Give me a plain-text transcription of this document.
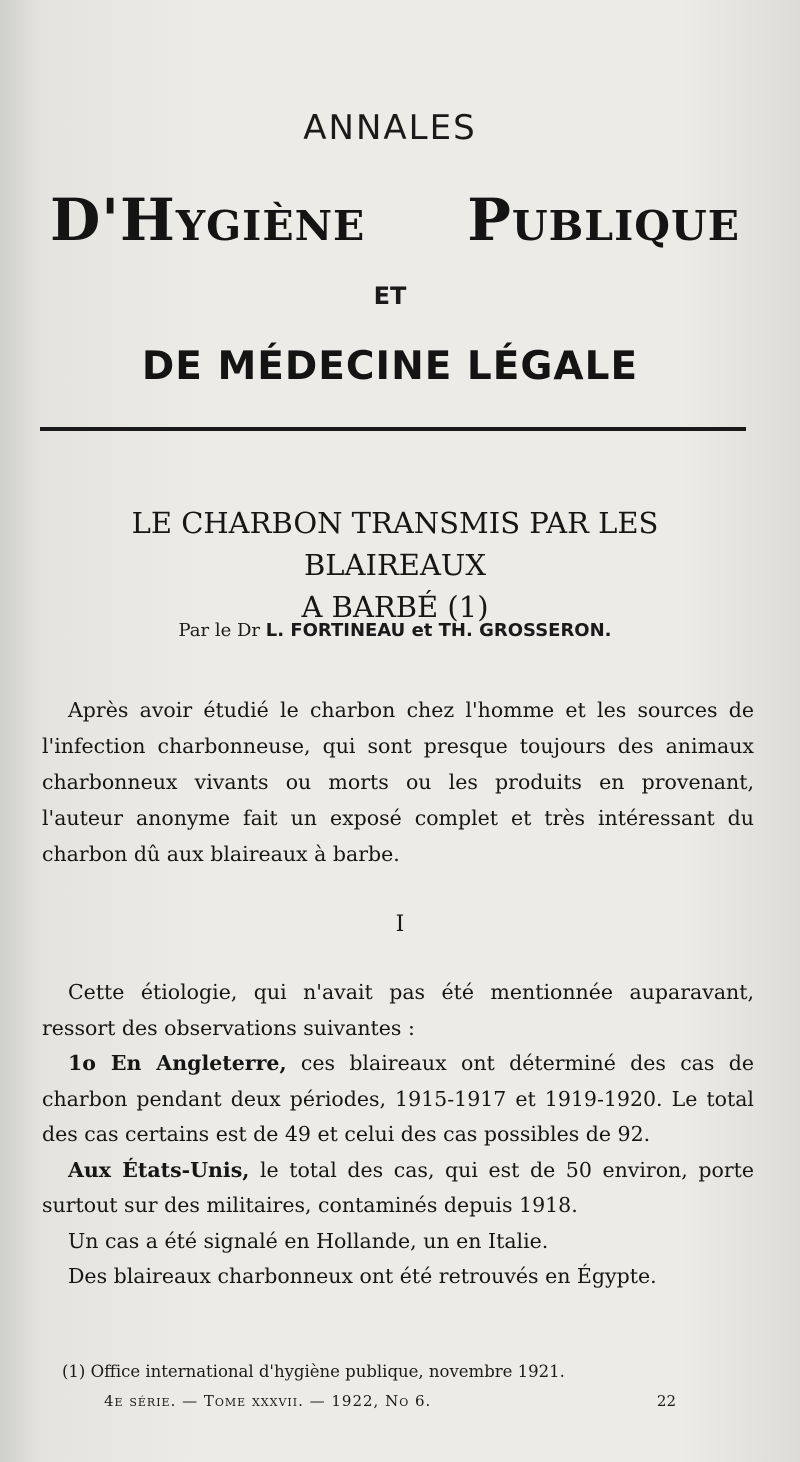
ANNALES
D'Hygiène Publique
ET
DE MÉDECINE LÉGALE
LE CHARBON TRANSMIS PAR LES BLAIREAUX
A BARBÉ (1)
Par le Dr L. FORTINEAU et TH. GROSSERON.
Après avoir étudié le charbon chez l'homme et les sources de l'infection charbonneuse, qui sont presque toujours des animaux charbonneux vivants ou morts ou les produits en provenant, l'auteur anonyme fait un exposé complet et très intéressant du charbon dû aux blaireaux à barbe.
I

Cette étiologie, qui n'avait pas été mentionnée auparavant, ressort des observations suivantes :

1o En Angleterre, ces blaireaux ont déterminé des cas de charbon pendant deux périodes, 1915-1917 et 1919-1920. Le total des cas certains est de 49 et celui des cas possibles de 92.

Aux États-Unis, le total des cas, qui est de 50 environ, porte surtout sur des militaires, contaminés depuis 1918.

Un cas a été signalé en Hollande, un en Italie.

Des blaireaux charbonneux ont été retrouvés en Égypte.

(1) Office international d'hygiène publique, novembre 1921.
4e série. — Tome xxxvii. — 1922, No 6.	22
